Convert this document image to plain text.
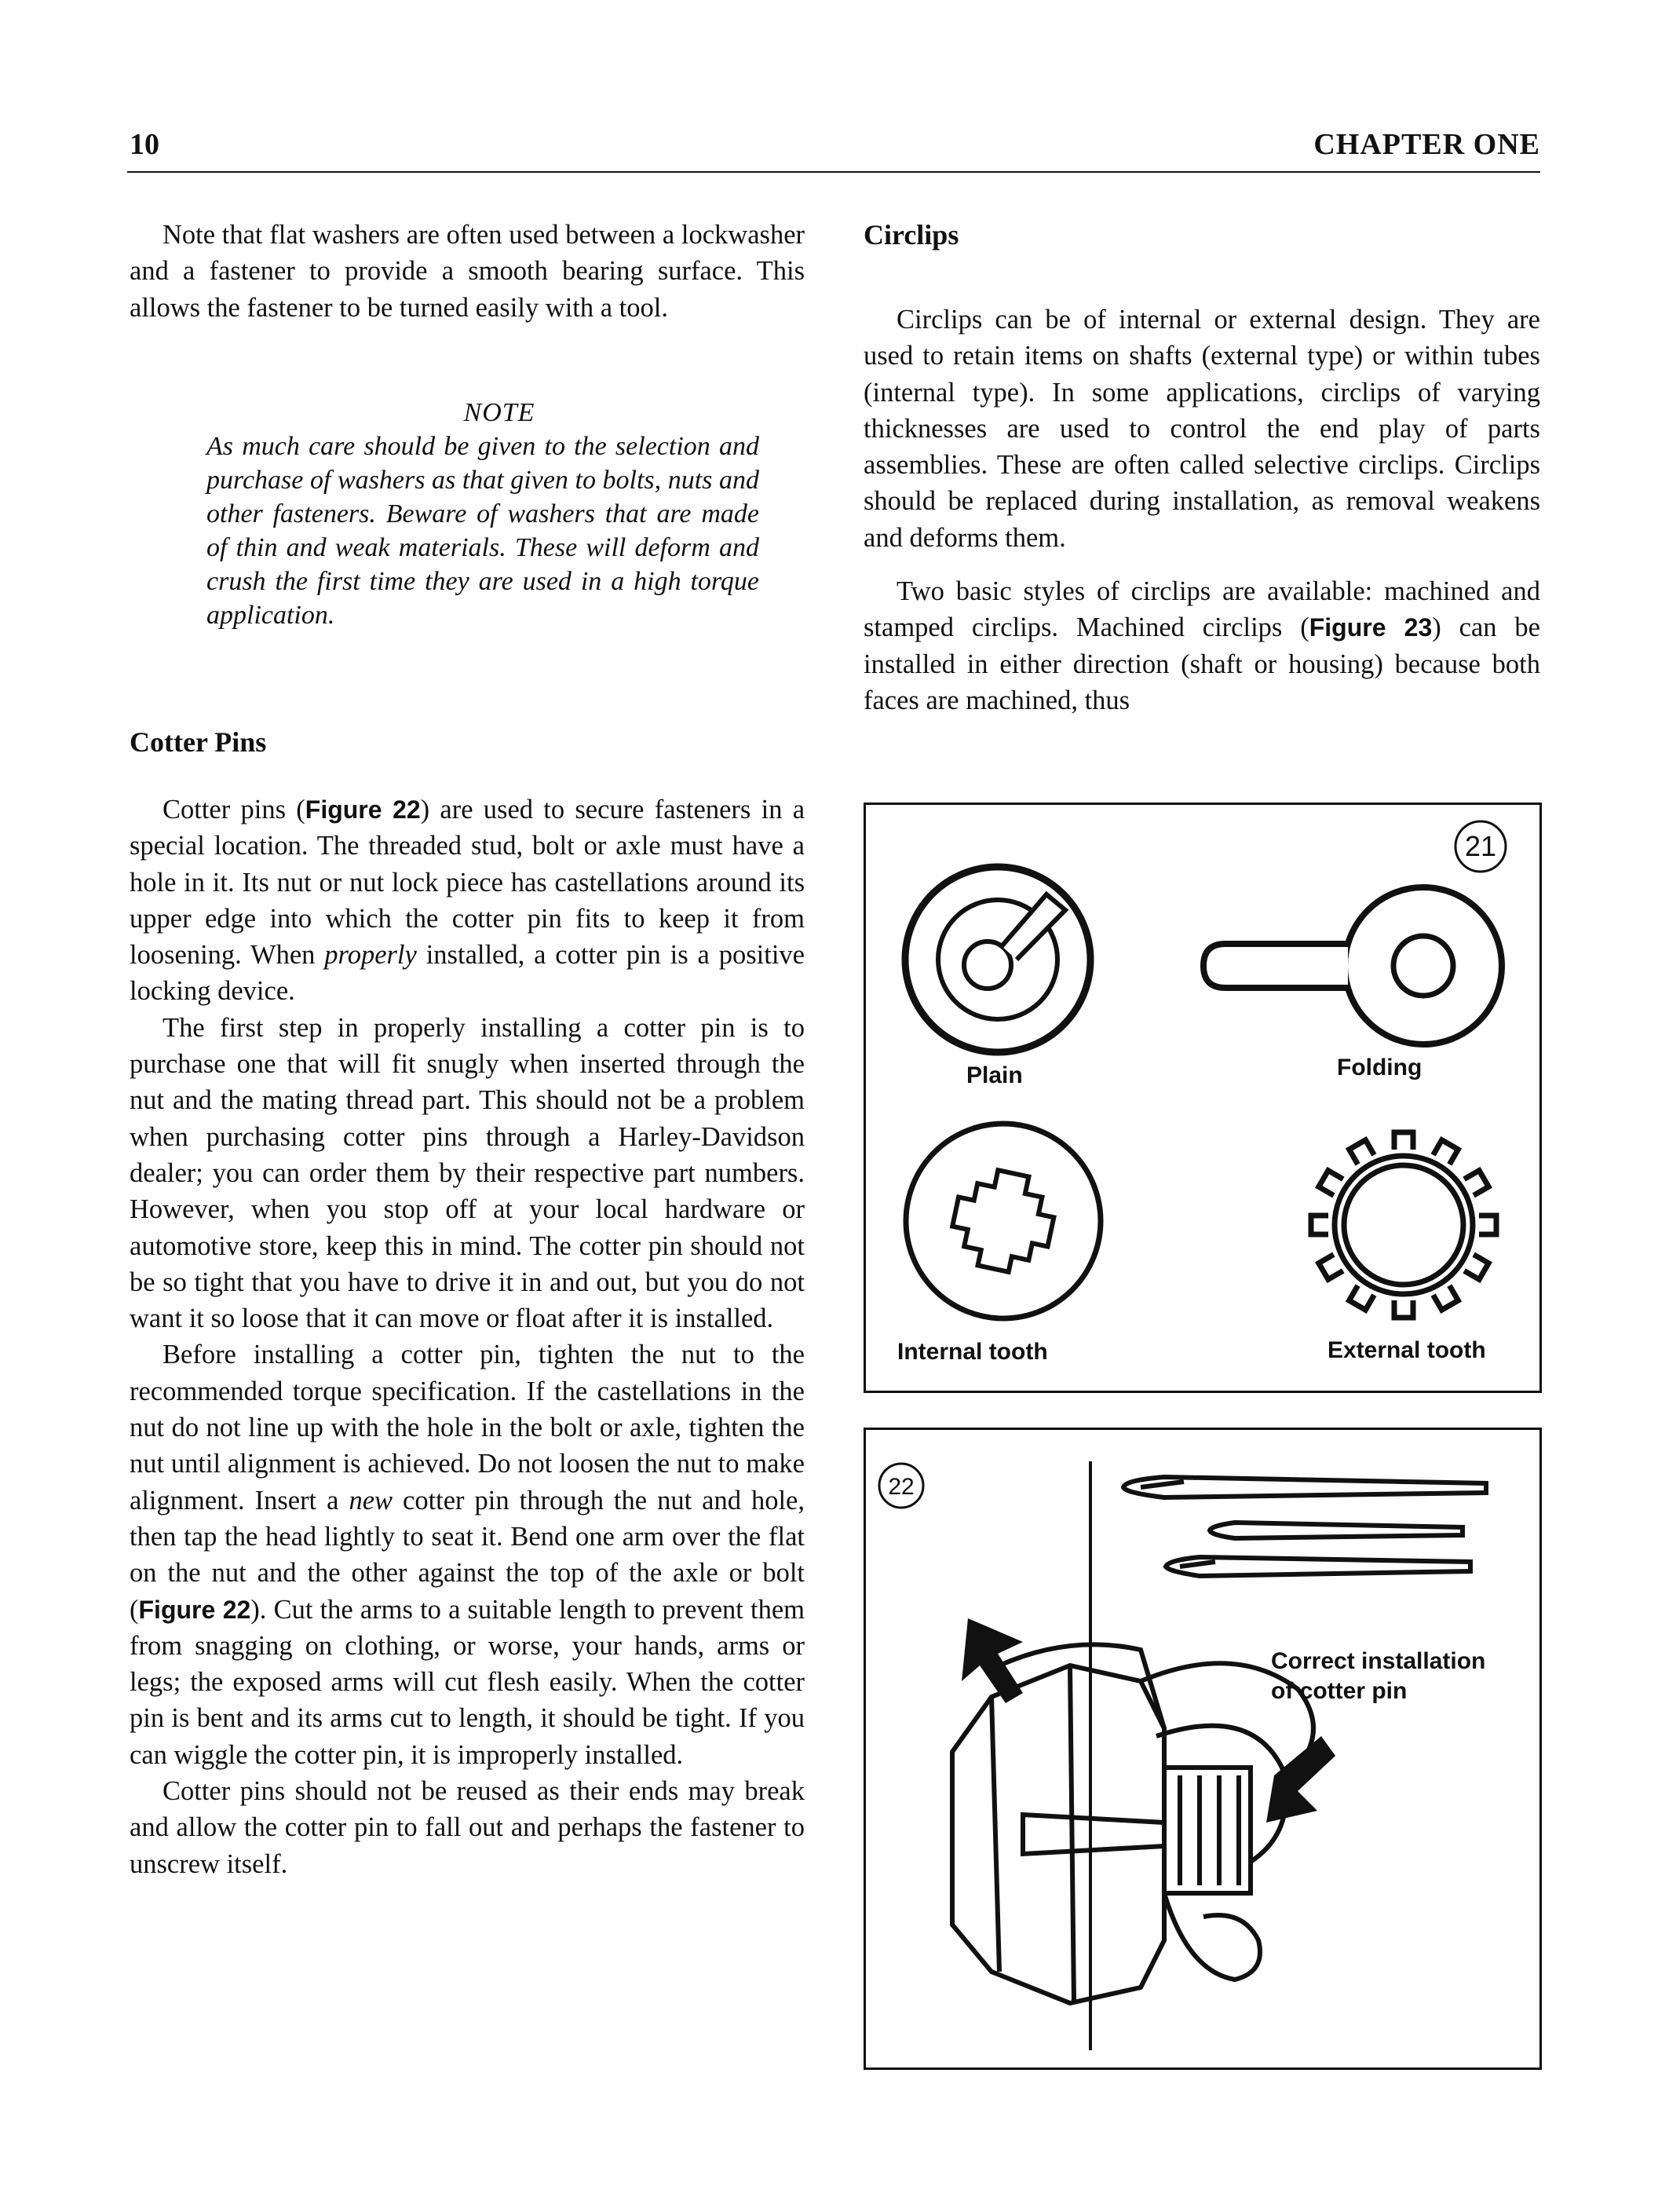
10	CHAPTER ONE

Note that flat washers are often used between a lockwasher and a fastener to provide a smooth bearing surface. This allows the fastener to be turned easily with a tool.

NOTE

As much care should be given to the selection and purchase of washers as that given to bolts, nuts and other fasteners. Beware of washers that are made of thin and weak materials. These will deform and crush the first time they are used in a high torque application.

Cotter Pins

Cotter pins (Figure 22) are used to secure fasteners in a special location. The threaded stud, bolt or axle must have a hole in it. Its nut or nut lock piece has castellations around its upper edge into which the cotter pin fits to keep it from loosening. When properly installed, a cotter pin is a positive locking device.

The first step in properly installing a cotter pin is to purchase one that will fit snugly when inserted through the nut and the mating thread part. This should not be a problem when purchasing cotter pins through a Harley-Davidson dealer; you can order them by their respective part numbers. However, when you stop off at your local hardware or automotive store, keep this in mind. The cotter pin should not be so tight that you have to drive it in and out, but you do not want it so loose that it can move or float after it is installed.

Before installing a cotter pin, tighten the nut to the recommended torque specification. If the castellations in the nut do not line up with the hole in the bolt or axle, tighten the nut until alignment is achieved. Do not loosen the nut to make alignment. Insert a new cotter pin through the nut and hole, then tap the head lightly to seat it. Bend one arm over the flat on the nut and the other against the top of the axle or bolt (Figure 22). Cut the arms to a suitable length to prevent them from snagging on clothing, or worse, your hands, arms or legs; the exposed arms will cut flesh easily. When the cotter pin is bent and its arms cut to length, it should be tight. If you can wiggle the cotter pin, it is improperly installed.

Cotter pins should not be reused as their ends may break and allow the cotter pin to fall out and perhaps the fastener to unscrew itself.

Circlips

Circlips can be of internal or external design. They are used to retain items on shafts (external type) or within tubes (internal type). In some applications, circlips of varying thicknesses are used to control the end play of parts assemblies. These are often called selective circlips. Circlips should be replaced during installation, as removal weakens and deforms them.

Two basic styles of circlips are available: machined and stamped circlips. Machined circlips (Figure 23) can be installed in either direction (shaft or housing) because both faces are machined, thus

21
Plain	Folding
Internal tooth	External tooth
22
Correct installation
of cotter pin
